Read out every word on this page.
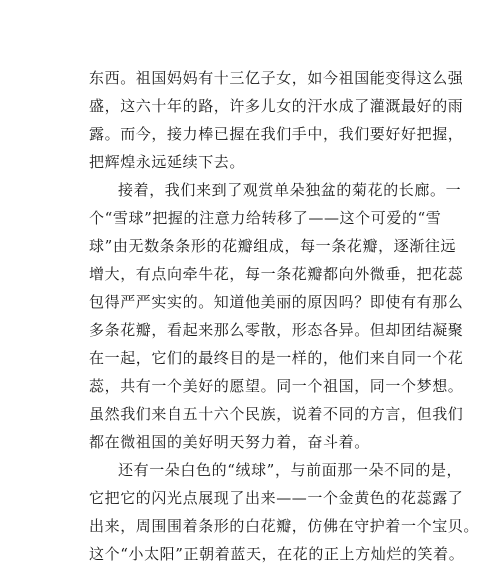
东西。祖国妈妈有十三亿子女，如今祖国能变得这么强
盛，这六十年的路，许多儿女的汗水成了灌溉最好的雨
露。而今，接力棒已握在我们手中，我们要好好把握，
把辉煌永远延续下去。
接着，我们来到了观赏单朵独盆的菊花的长廊。一
个“雪球”把握的注意力给转移了——这个可爱的“雪
球”由无数条条形的花瓣组成，每一条花瓣，逐渐往远
增大，有点向牵牛花，每一条花瓣都向外微垂，把花蕊
包得严严实实的。知道他美丽的原因吗？即使有有那么
多条花瓣，看起来那么零散，形态各异。但却团结凝聚
在一起，它们的最终目的是一样的，他们来自同一个花
蕊，共有一个美好的愿望。同一个祖国，同一个梦想。
虽然我们来自五十六个民族，说着不同的方言，但我们
都在微祖国的美好明天努力着，奋斗着。
还有一朵白色的“绒球”，与前面那一朵不同的是，
它把它的闪光点展现了出来——一个金黄色的花蕊露了
出来，周围围着条形的白花瓣，仿佛在守护着一个宝贝。
这个“小太阳”正朝着蓝天，在花的正上方灿烂的笑着。
